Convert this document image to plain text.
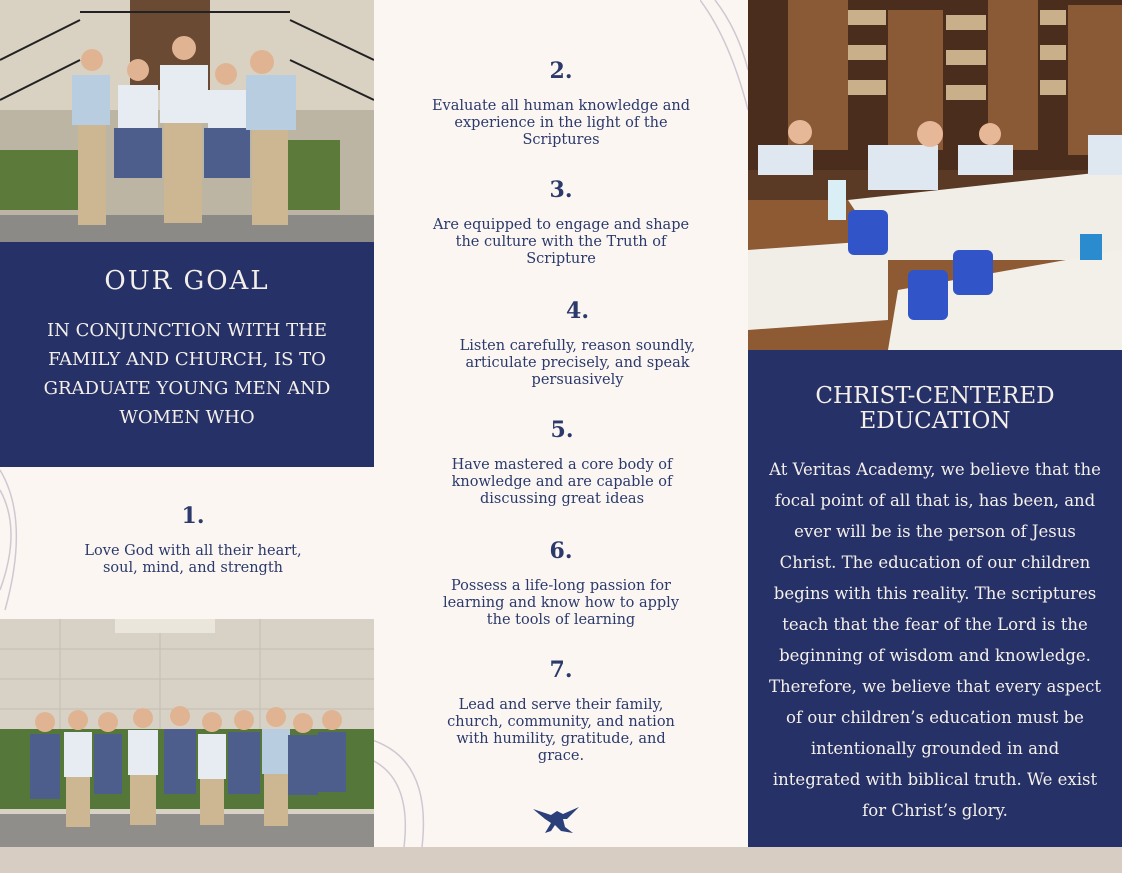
OUR GOAL
IN CONJUNCTION WITH THE FAMILY AND CHURCH, IS TO GRADUATE YOUNG MEN AND WOMEN WHO
1.
Love God with all their heart, soul, mind, and strength
2.
Evaluate all human knowledge and experience in the light of the Scriptures
3.
Are equipped to engage and shape the culture with the Truth of Scripture
4.
Listen carefully, reason soundly, articulate precisely, and speak persuasively
5.
Have mastered a core body of knowledge and are capable of discussing great ideas
6.
Possess a life-long passion for learning and know how to apply the tools of learning
7.
Lead and serve their family, church, community, and nation with humility, gratitude, and grace.
CHRIST-CENTERED EDUCATION
At Veritas Academy, we believe that the focal point of all that is, has been, and ever will be is the person of Jesus Christ. The education of our children begins with this reality. The scriptures teach that the fear of the Lord is the beginning of wisdom and knowledge. Therefore, we believe that every aspect of our children’s education must be intentionally grounded in and integrated with biblical truth. We exist for Christ’s glory.
